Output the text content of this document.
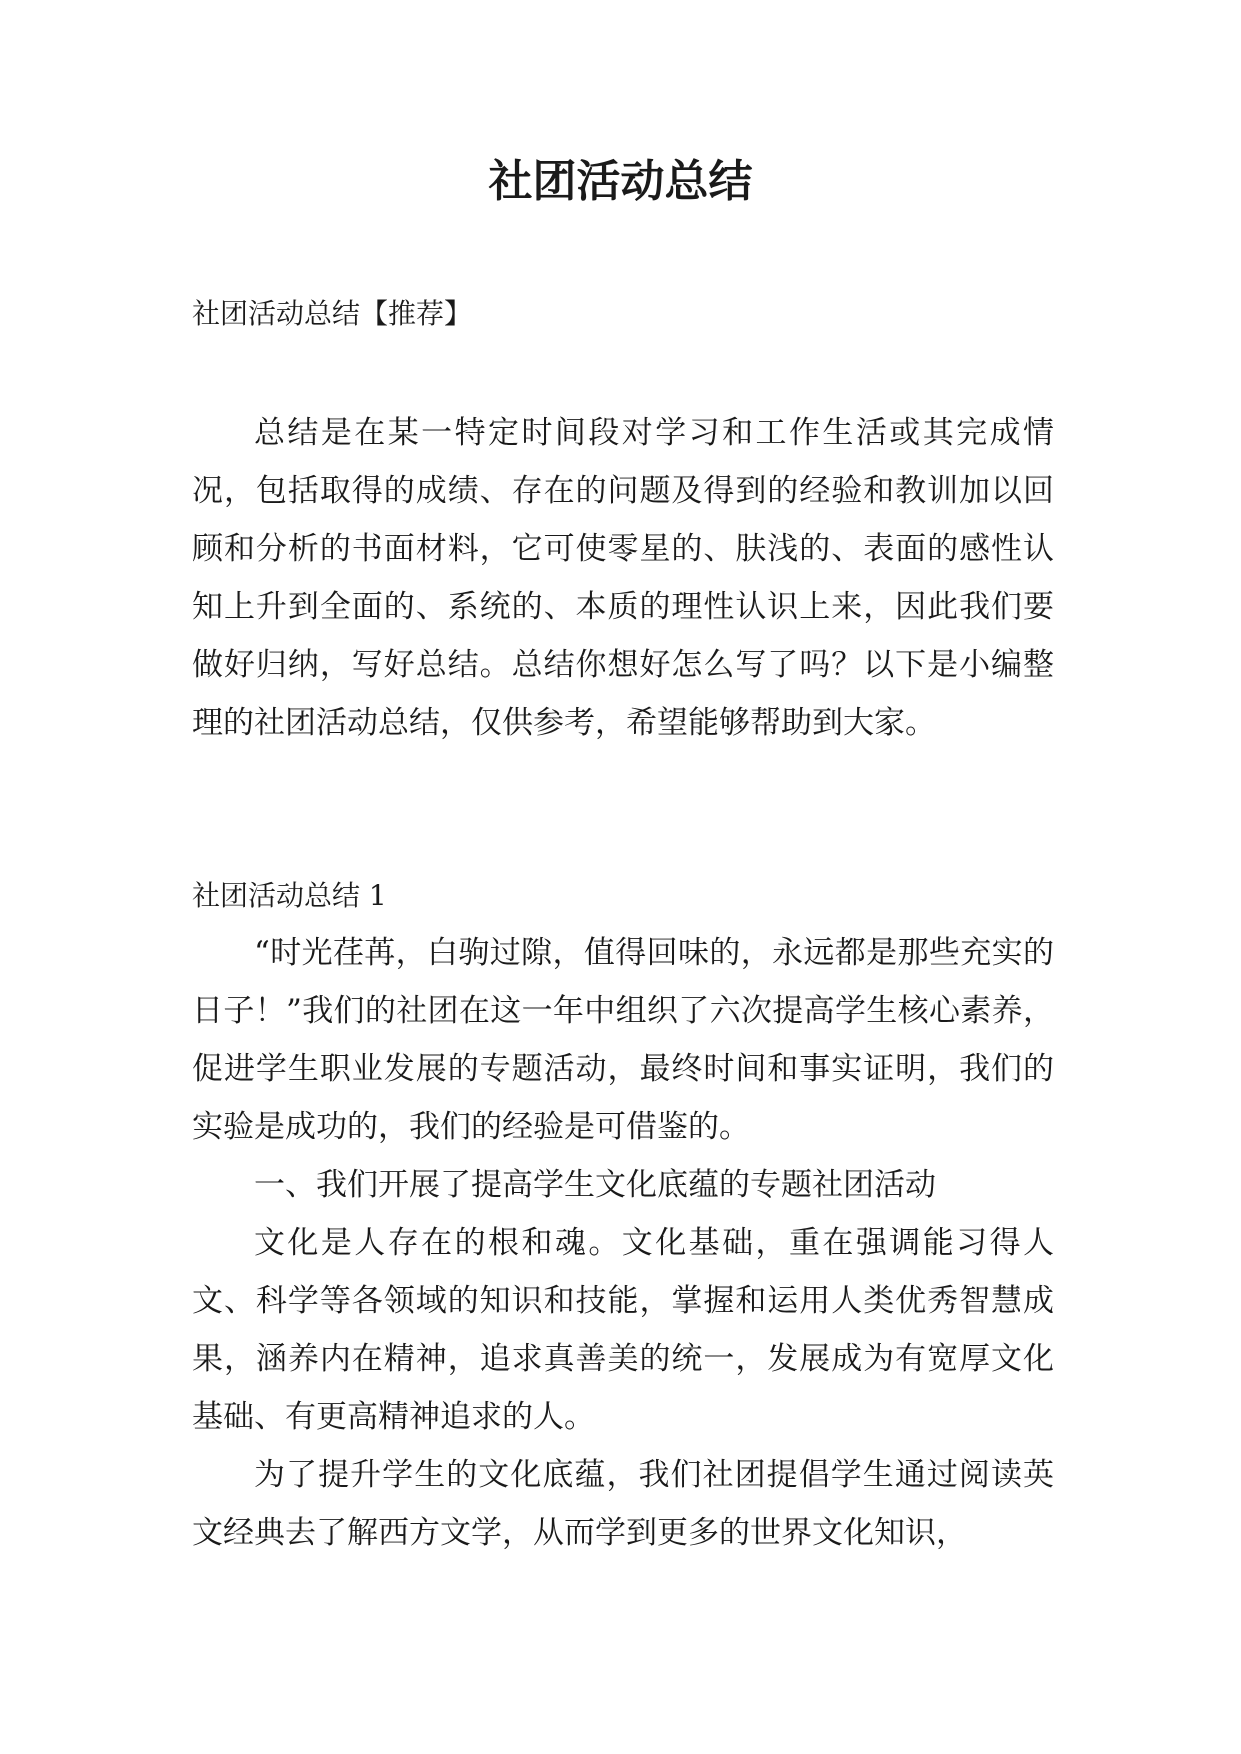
社团活动总结

社团活动总结【推荐】

总结是在某一特定时间段对学习和工作生活或其完成情况，包括取得的成绩、存在的问题及得到的经验和教训加以回顾和分析的书面材料，它可使零星的、肤浅的、表面的感性认知上升到全面的、系统的、本质的理性认识上来，因此我们要做好归纳，写好总结。总结你想好怎么写了吗？以下是小编整理的社团活动总结，仅供参考，希望能够帮助到大家。

社团活动总结 1

“时光荏苒，白驹过隙，值得回味的，永远都是那些充实的日子！”我们的社团在这一年中组织了六次提高学生核心素养，促进学生职业发展的专题活动，最终时间和事实证明，我们的实验是成功的，我们的经验是可借鉴的。

一、我们开展了提高学生文化底蕴的专题社团活动

文化是人存在的根和魂。文化基础，重在强调能习得人文、科学等各领域的知识和技能，掌握和运用人类优秀智慧成果，涵养内在精神，追求真善美的统一，发展成为有宽厚文化基础、有更高精神追求的人。

为了提升学生的文化底蕴，我们社团提倡学生通过阅读英文经典去了解西方文学，从而学到更多的世界文化知识，
